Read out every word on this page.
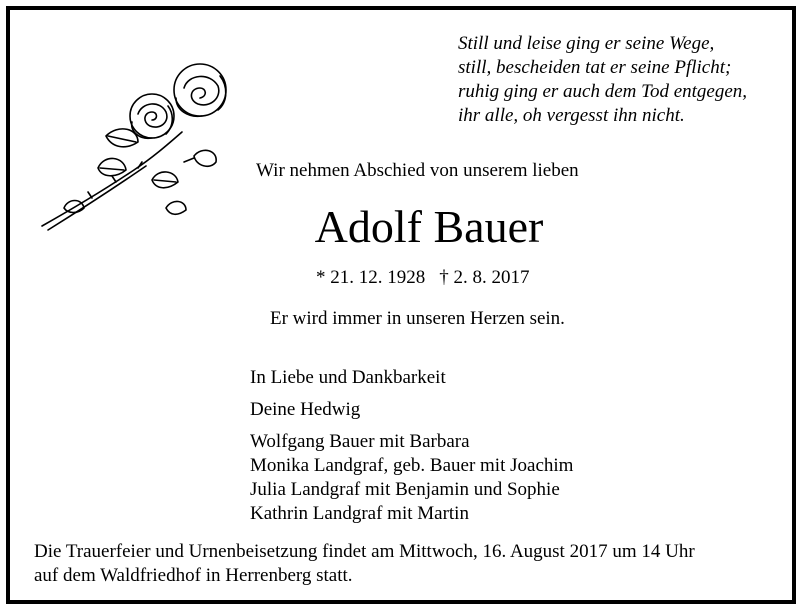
Still und leise ging er seine Wege,
still, bescheiden tat er seine Pflicht;
ruhig ging er auch dem Tod entgegen,
ihr alle, oh vergesst ihn nicht.
Wir nehmen Abschied von unserem lieben
Adolf Bauer
* 21. 12. 1928 † 2. 8. 2017
Er wird immer in unseren Herzen sein.
In Liebe und Dankbarkeit
Deine Hedwig
Wolfgang Bauer mit Barbara
Monika Landgraf, geb. Bauer mit Joachim
Julia Landgraf mit Benjamin und Sophie
Kathrin Landgraf mit Martin
Die Trauerfeier und Urnenbeisetzung findet am Mittwoch, 16. August 2017 um 14 Uhr
auf dem Waldfriedhof in Herrenberg statt.
